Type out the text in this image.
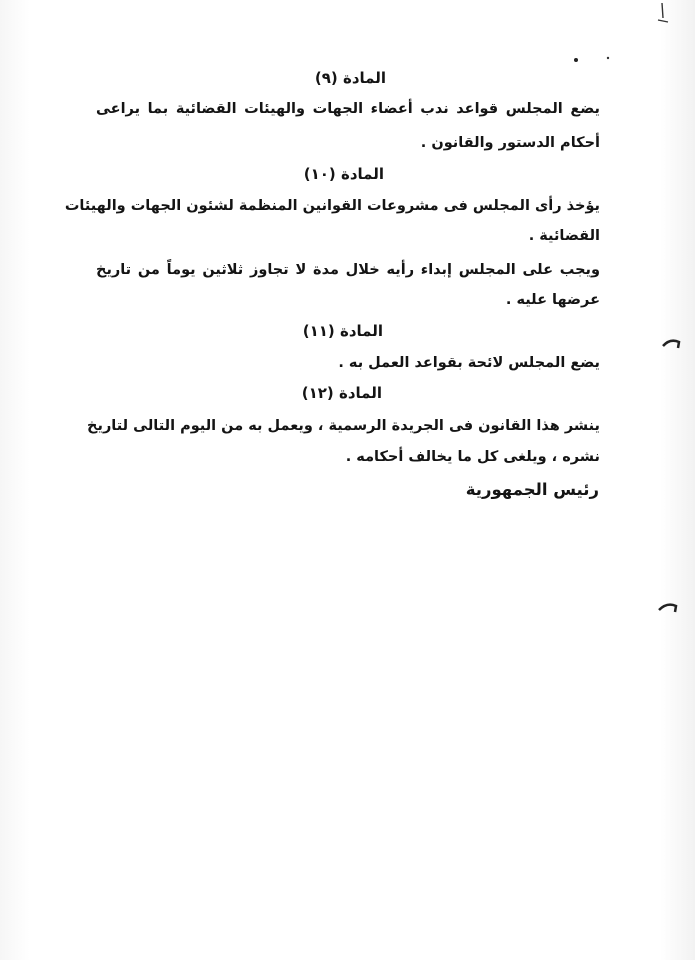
المادة (٩)
يضع المجلس قواعد ندب أعضاء الجهات والهيئات القضائية بما يراعى
أحكام الدستور والقانون .
المادة (١٠)
يؤخذ رأى المجلس فى مشروعات القوانين المنظمة لشئون الجهات والهيئات
القضائية .
ويجب على المجلس إبداء رأيه خلال مدة لا تجاوز ثلاثين يوماً من تاريخ
عرضها عليه .
المادة (١١)
يضع المجلس لائحة بقواعد العمل به .
المادة (١٢)
ينشر هذا القانون فى الجريدة الرسمية ، ويعمل به من اليوم التالى لتاريخ
نشره ، ويلغى كل ما يخالف أحكامه .
رئيس الجمهورية
